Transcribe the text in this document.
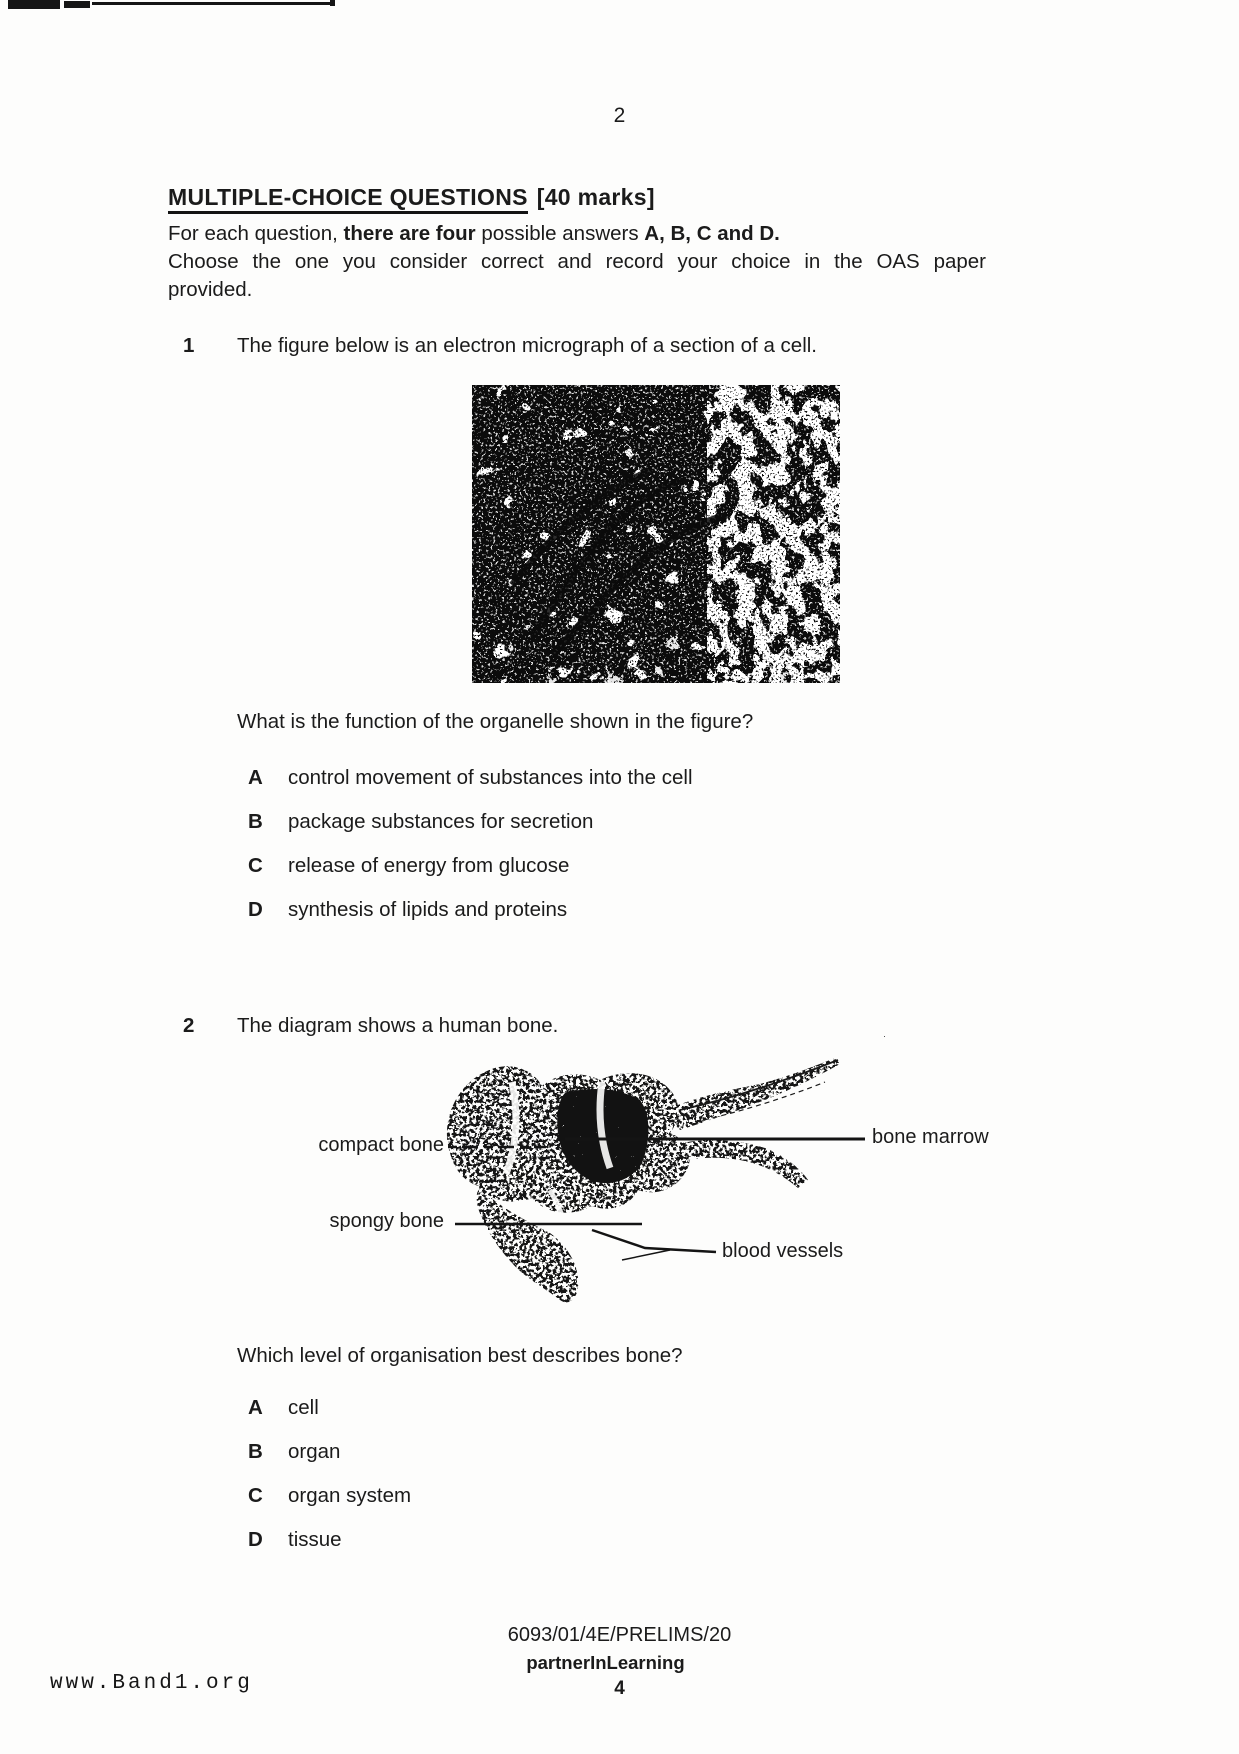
2
MULTIPLE-CHOICE QUESTIONS [40 marks]
For each question, there are four possible answers A, B, C and D.
Choose the one you consider correct and record your choice in the OAS paper
provided.
1	The figure below is an electron micrograph of a section of a cell.
What is the function of the organelle shown in the figure?
A	control movement of substances into the cell
B	package substances for secretion
C	release of energy from glucose
D	synthesis of lipids and proteins
2	The diagram shows a human bone.
compact bone	bone marrow
spongy bone
blood vessels
Which level of organisation best describes bone?
A	cell
B	organ
C	organ system
D	tissue
6093/01/4E/PRELIMS/20
partnerInLearning
4
www.Band1.org
